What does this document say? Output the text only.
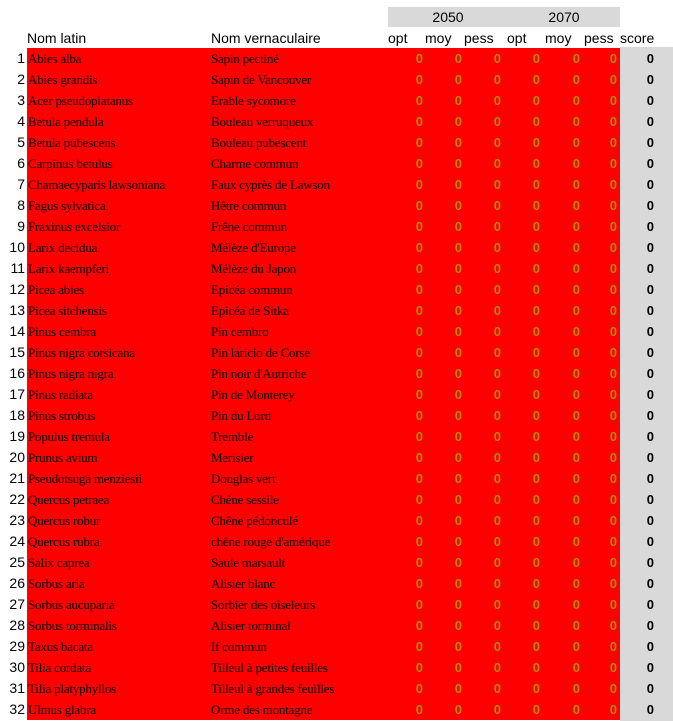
2050	2070
Nom latin	Nom vernaculaire	opt moy pess opt moy pess score
1 Abies alba	Sapin pectiné	0	0	0	0	0	0	0
2 Abies grandis	Sapin de Vancouver	0	0	0	0	0	0	0
3 Acer pseudoplatanus	Erable sycomore	0	0	0	0	0	0	0
4 Betula pendula	Bouleau verruqueux	0	0	0	0	0	0	0
5 Betula pubescens	Bouleau pubescent	0	0	0	0	0	0	0
6 Carpinus betulus	Charme commun	0	0	0	0	0	0	0
7 Chamaecyparis lawsoniana	Faux cyprès de Lawson	0	0	0	0	0	0	0
8 Fagus sylvatica	Hêtre commun	0	0	0	0	0	0	0
9 Fraxinus excelsior	Frêne commun	0	0	0	0	0	0	0
10 Larix decidua	Mélèze d'Europe	0	0	0	0	0	0	0
11 Larix kaempferi	Mélèze du Japon	0	0	0	0	0	0	0
12 Picea abies	Epicéa commun	0	0	0	0	0	0	0
13 Picea sitchensis	Epicéa de Sitka	0	0	0	0	0	0	0
14 Pinus cembra	Pin cembro	0	0	0	0	0	0	0
15 Pinus nigra corsicana	Pin laricio de Corse	0	0	0	0	0	0	0
16 Pinus nigra nigra	Pin noir d'Autriche	0	0	0	0	0	0	0
17 Pinus radiata	Pin de Monterey	0	0	0	0	0	0	0
18 Pinus strobus	Pin du Lord	0	0	0	0	0	0	0
19 Populus tremula	Tremble	0	0	0	0	0	0	0
20 Prunus avium	Merisier	0	0	0	0	0	0	0
21 Pseudotsuga menziesii	Douglas vert	0	0	0	0	0	0	0
22 Quercus petraea	Chêne sessile	0	0	0	0	0	0	0
23 Quercus robur	Chêne pédonculé	0	0	0	0	0	0	0
24 Quercus rubra	chêne rouge d'amérique	0	0	0	0	0	0	0
25 Salix caprea	Saule marsault	0	0	0	0	0	0	0
26 Sorbus aria	Alisier blanc	0	0	0	0	0	0	0
27 Sorbus aucuparia	Sorbier des oiseleurs	0	0	0	0	0	0	0
28 Sorbus torminalis	Alisier torminal	0	0	0	0	0	0	0
29 Taxus bacata	If commun	0	0	0	0	0	0	0
30 Tilia cordata	Tilleul à petites feuilles	0	0	0	0	0	0	0
31 Tilia platyphyllos	Tilleul à grandes feuilles	0	0	0	0	0	0	0
32 Ulmus glabra	Orme des montagne	0	0	0	0	0	0	0
